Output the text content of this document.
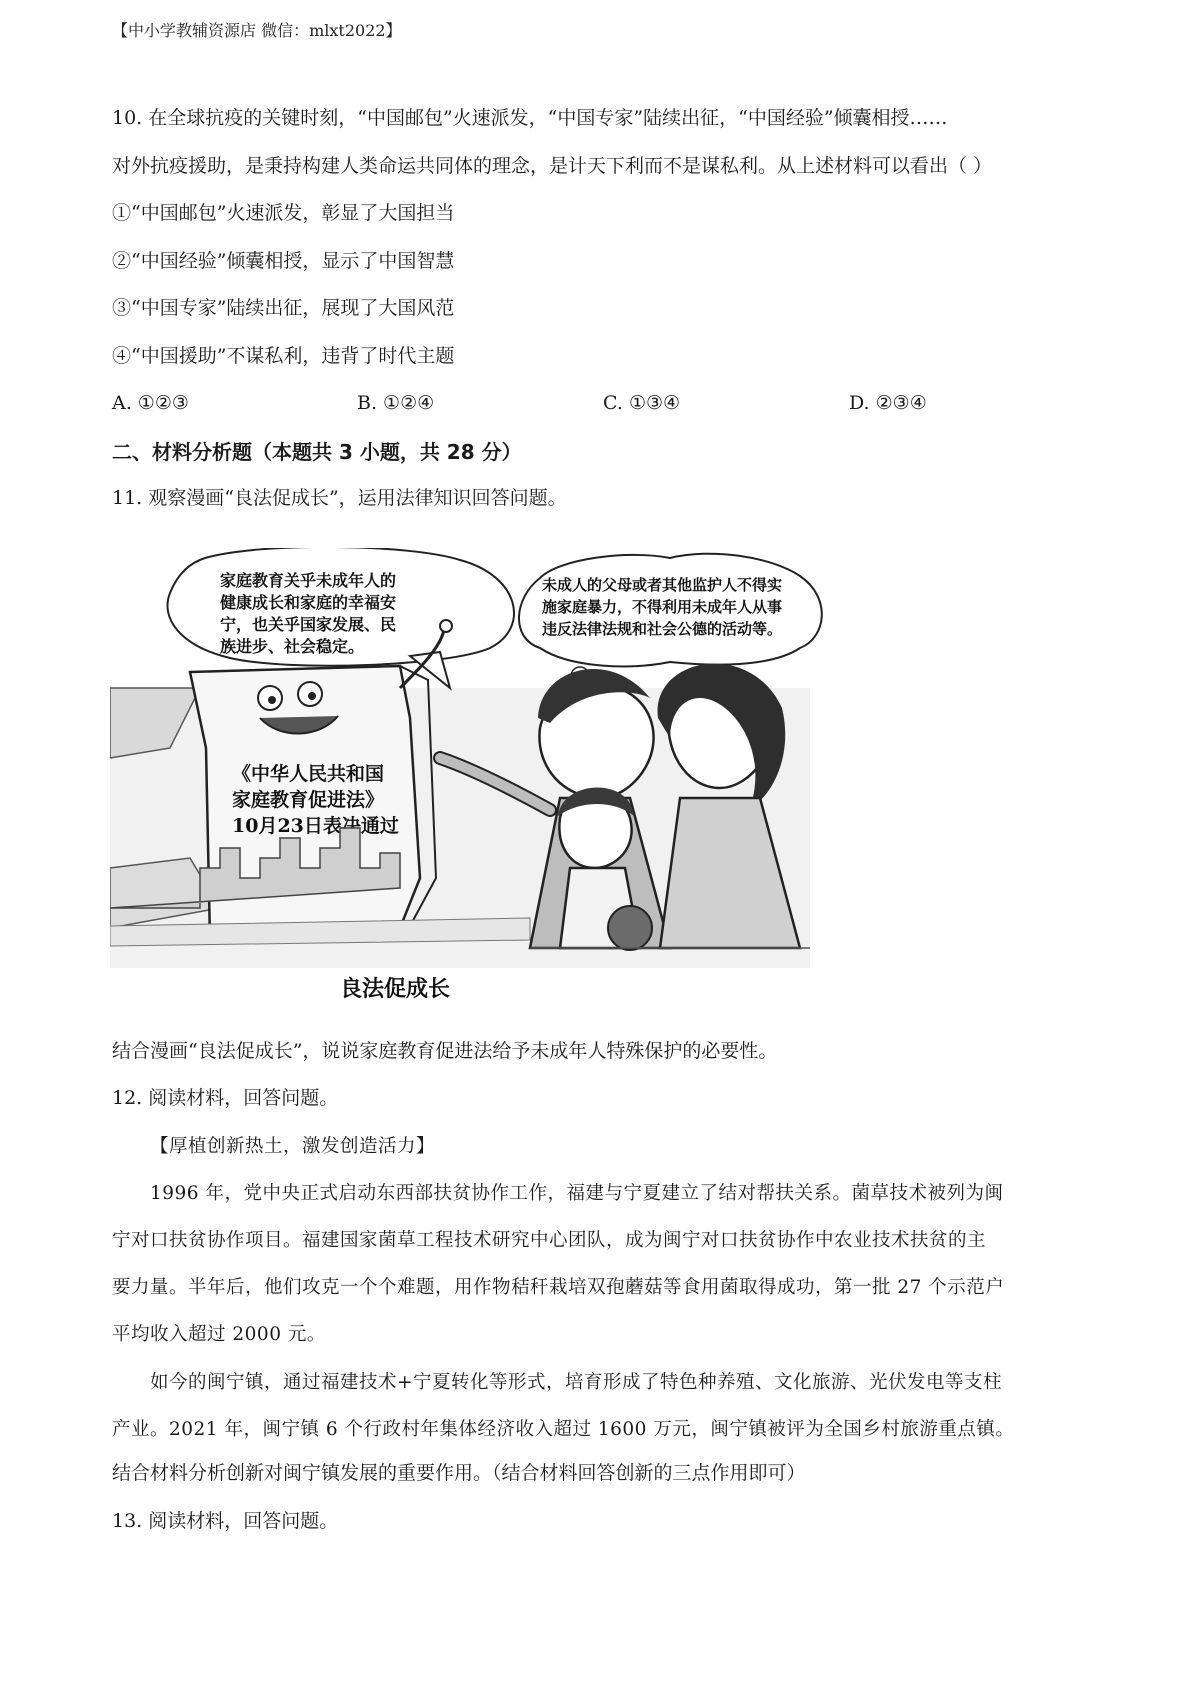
【中小学教辅资源店 微信：mlxt2022】
10. 在全球抗疫的关键时刻，“中国邮包”火速派发，“中国专家”陆续出征，“中国经验”倾囊相授……
对外抗疫援助，是秉持构建人类命运共同体的理念，是计天下利而不是谋私利。从上述材料可以看出（ ）
①“中国邮包”火速派发，彰显了大国担当
②“中国经验”倾囊相授，显示了中国智慧
③“中国专家”陆续出征，展现了大国风范
④“中国援助”不谋私利，违背了时代主题
A. ①②③	B. ①②④	C. ①③④	D. ②③④
二、材料分析题（本题共 3 小题，共 28 分）
11. 观察漫画“良法促成长”，运用法律知识回答问题。
家庭教育关乎未成年人的
健康成长和家庭的幸福安
宁，也关乎国家发展、民
族进步、社会稳定。
未成人的父母或者其他监护人不得实
施家庭暴力，不得利用未成年人从事
违反法律法规和社会公德的活动等。
《中华人民共和国
家庭教育促进法》
10月23日表决通过
良法促成长
结合漫画“良法促成长”，说说家庭教育促进法给予未成年人特殊保护的必要性。
12. 阅读材料，回答问题。
【厚植创新热土，激发创造活力】
1996 年，党中央正式启动东西部扶贫协作工作，福建与宁夏建立了结对帮扶关系。菌草技术被列为闽
宁对口扶贫协作项目。福建国家菌草工程技术研究中心团队，成为闽宁对口扶贫协作中农业技术扶贫的主
要力量。半年后，他们攻克一个个难题，用作物秸秆栽培双孢蘑菇等食用菌取得成功，第一批 27 个示范户
平均收入超过 2000 元。
如今的闽宁镇，通过福建技术+宁夏转化等形式，培育形成了特色种养殖、文化旅游、光伏发电等支柱
产业。2021 年，闽宁镇 6 个行政村年集体经济收入超过 1600 万元，闽宁镇被评为全国乡村旅游重点镇。
结合材料分析创新对闽宁镇发展的重要作用。（结合材料回答创新的三点作用即可）
13. 阅读材料，回答问题。
